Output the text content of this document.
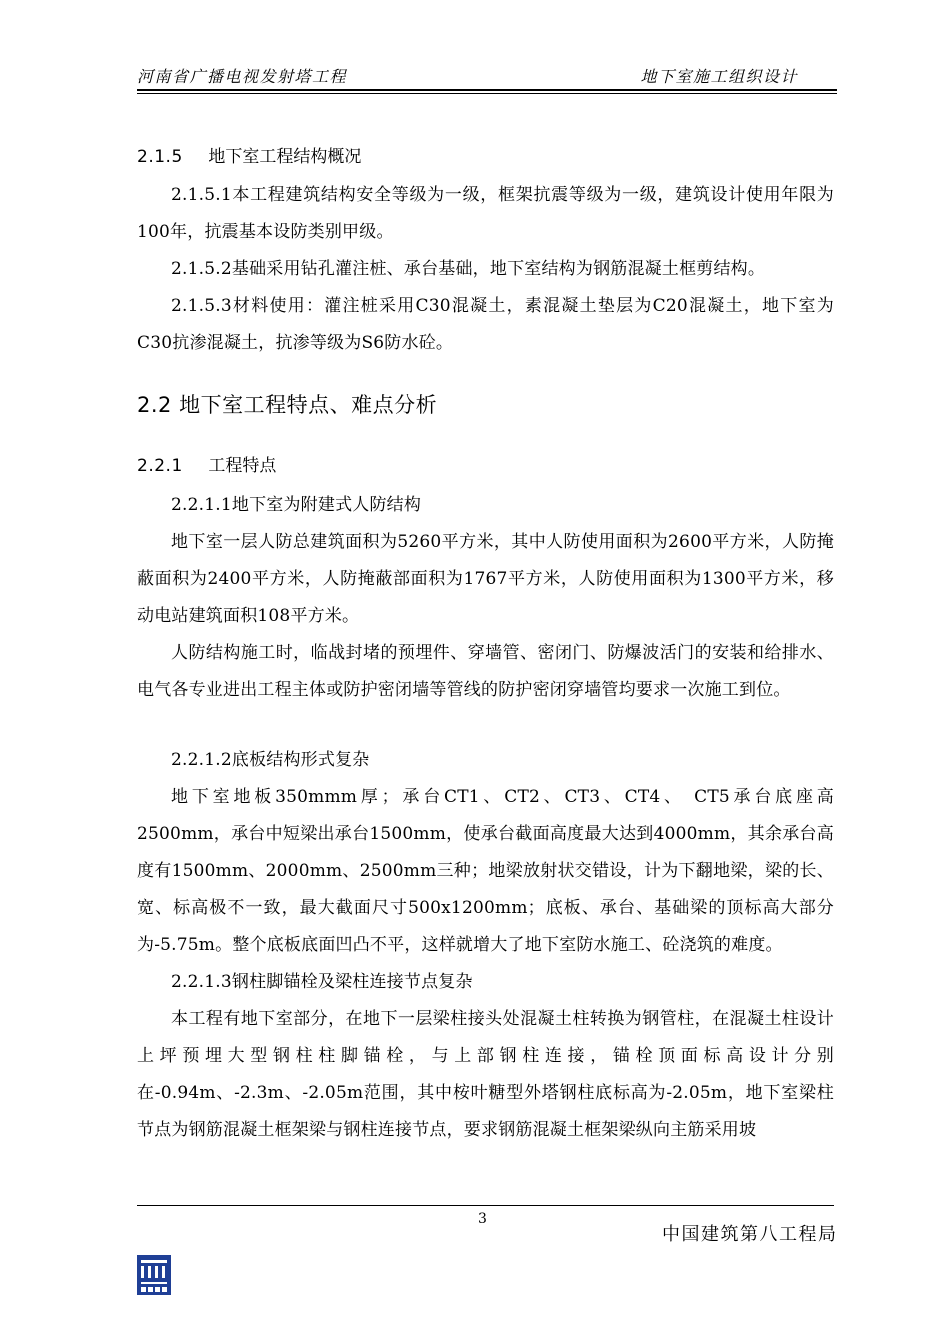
河南省广播电视发射塔工程	地下室施工组织设计
2.1.5 地下室工程结构概况
2.1.5.1本工程建筑结构安全等级为一级，框架抗震等级为一级，建筑设计使用年限为100年，抗震基本设防类别甲级。
2.1.5.2基础采用钻孔灌注桩、承台基础，地下室结构为钢筋混凝土框剪结构。
2.1.5.3材料使用：灌注桩采用C30混凝土，素混凝土垫层为C20混凝土，地下室为C30抗渗混凝土，抗渗等级为S6防水砼。
2.2 地下室工程特点、难点分析
2.2.1 工程特点
2.2.1.1地下室为附建式人防结构
地下室一层人防总建筑面积为5260平方米，其中人防使用面积为2600平方米，人防掩蔽面积为2400平方米，人防掩蔽部面积为1767平方米，人防使用面积为1300平方米，移动电站建筑面积108平方米。
人防结构施工时，临战封堵的预埋件、穿墙管、密闭门、防爆波活门的安装和给排水、电气各专业进出工程主体或防护密闭墙等管线的防护密闭穿墙管均要求一次施工到位。
2.2.1.2底板结构形式复杂
地下室地板350mmm厚；承台CT1、CT2、CT3、CT4、 CT5承台底座高2500mm，承台中短梁出承台1500mm，使承台截面高度最大达到4000mm，其余承台高度有1500mm、2000mm、2500mm三种；地梁放射状交错设，计为下翻地梁，梁的长、宽、标高极不一致，最大截面尺寸500x1200mm；底板、承台、基础梁的顶标高大部分为-5.75m。整个底板底面凹凸不平，这样就增大了地下室防水施工、砼浇筑的难度。
2.2.1.3钢柱脚锚栓及梁柱连接节点复杂
本工程有地下室部分，在地下一层梁柱接头处混凝土柱转换为钢管柱，在混凝土柱设计上坪预埋大型钢柱柱脚锚栓，与上部钢柱连接，锚栓顶面标高设计分别在-0.94m、-2.3m、-2.05m范围，其中桉叶糖型外塔钢柱底标高为-2.05m，地下室梁柱节点为钢筋混凝土框架梁与钢柱连接节点，要求钢筋混凝土框架梁纵向主筋采用坡
3
中国建筑第八工程局
